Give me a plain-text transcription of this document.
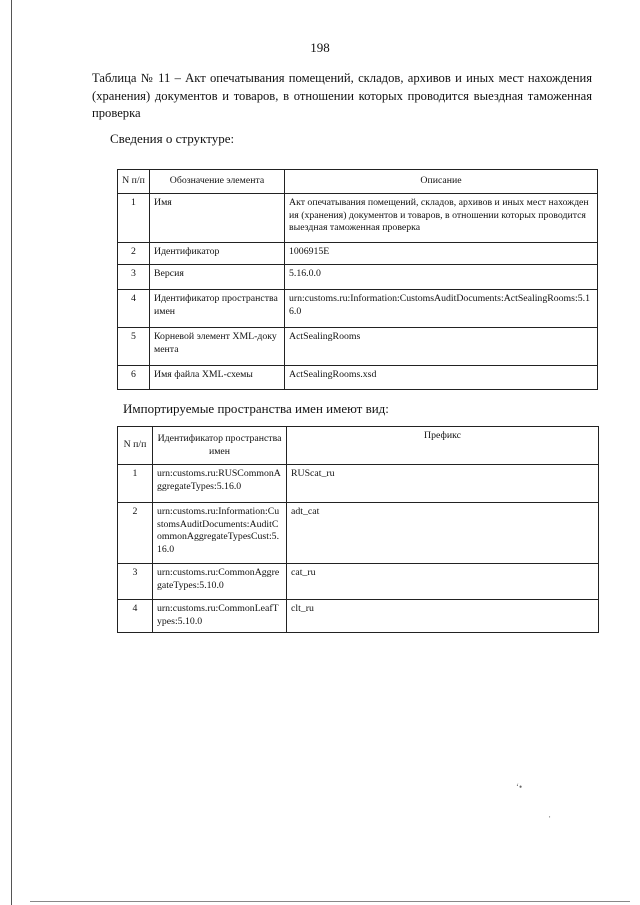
198
Таблица № 11 – Акт опечатывания помещений, складов, архивов и иных мест нахождения (хранения) документов и товаров, в отношении которых проводится выездная таможенная проверка
Сведения о структуре:
N п/п	Обозначение элемента	Описание
1	Имя	Акт опечатывания помещений, складов, архивов и иных мест нахождения (хранения) документов и товаров, в отношении которых проводится выездная таможенная проверка
2	Идентификатор	1006915E
3	Версия	5.16.0.0
4	Идентификатор пространства имен	urn:customs.ru:Information:CustomsAuditDocuments:ActSealingRooms:5.16.0
5	Корневой элемент XML-документа	ActSealingRooms
6	Имя файла XML-схемы	ActSealingRooms.xsd
Импортируемые пространства имен имеют вид:
N п/п	Идентификатор пространства имен	Префикс
1	urn:customs.ru:RUSCommonAggregateTypes:5.16.0	RUScat_ru
2	urn:customs.ru:Information:CustomsAuditDocuments:AuditCommonAggregateTypesCust:5.16.0	adt_cat
3	urn:customs.ru:CommonAggregateTypes:5.10.0	cat_ru
4	urn:customs.ru:CommonLeafTypes:5.10.0	clt_ru
‘•
⋅
